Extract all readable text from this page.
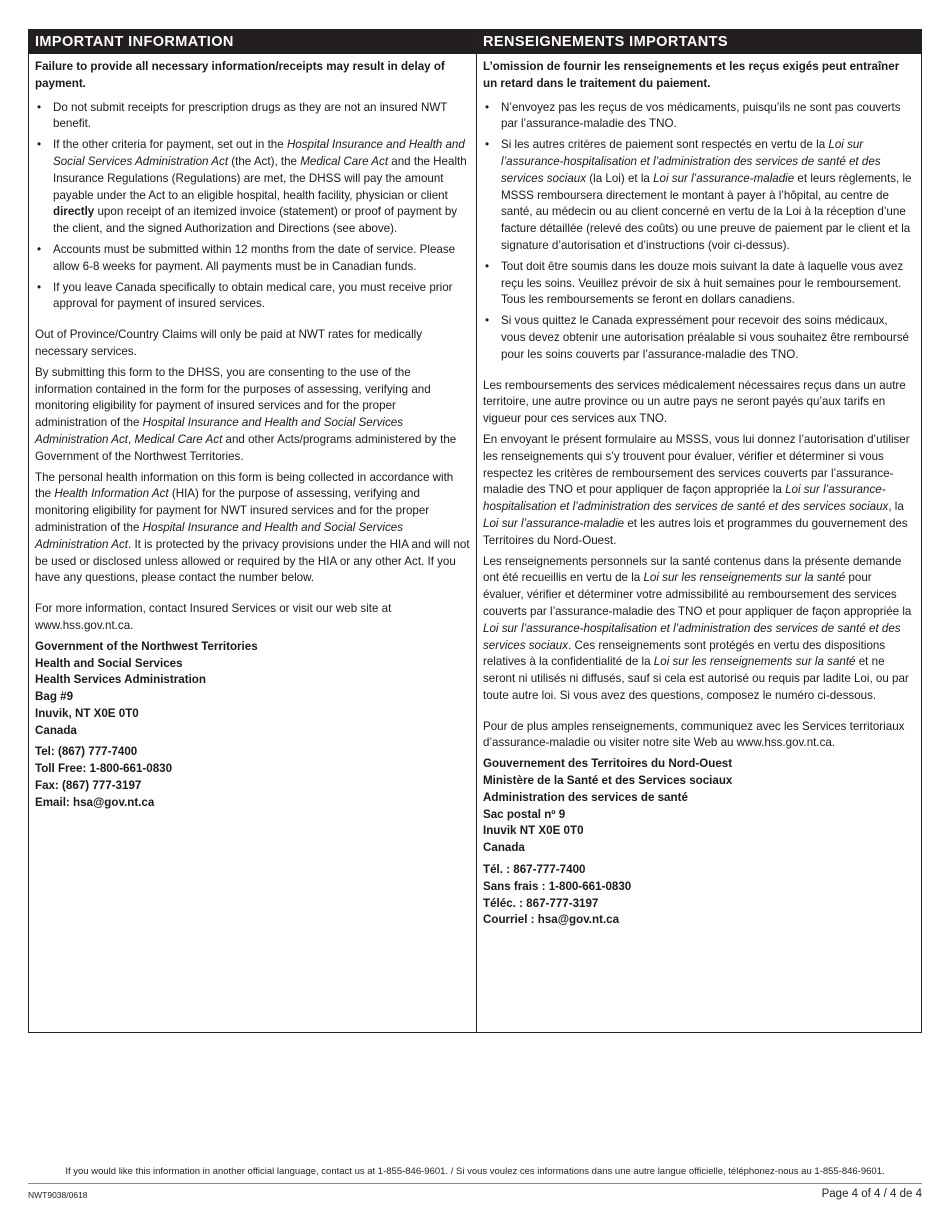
IMPORTANT INFORMATION

Failure to provide all necessary information/receipts may result in delay of payment.

• Do not submit receipts for prescription drugs as they are not an insured NWT benefit.
• If the other criteria for payment, set out in the Hospital Insurance and Health and Social Services Administration Act (the Act), the Medical Care Act and the Health Insurance Regulations (Regulations) are met, the DHSS will pay the amount payable under the Act to an eligible hospital, health facility, physician or client directly upon receipt of an itemized invoice (statement) or proof of payment by the client, and the signed Authorization and Directions (see above).
• Accounts must be submitted within 12 months from the date of service. Please allow 6-8 weeks for payment. All payments must be in Canadian funds.
• If you leave Canada specifically to obtain medical care, you must receive prior approval for payment of insured services.

Out of Province/Country Claims will only be paid at NWT rates for medically necessary services.

By submitting this form to the DHSS, you are consenting to the use of the information contained in the form for the purposes of assessing, verifying and monitoring eligibility for payment of insured services and for the proper administration of the Hospital Insurance and Health and Social Services Administration Act, Medical Care Act and other Acts/programs administered by the Government of the Northwest Territories.

The personal health information on this form is being collected in accordance with the Health Information Act (HIA) for the purpose of assessing, verifying and monitoring eligibility for payment for NWT insured services and for the proper administration of the Hospital Insurance and Health and Social Services Administration Act. It is protected by the privacy provisions under the HIA and will not be used or disclosed unless allowed or required by the HIA or any other Act. If you have any questions, please contact the number below.

For more information, contact Insured Services or visit our web site at www.hss.gov.nt.ca.

Government of the Northwest Territories
Health and Social Services
Health Services Administration
Bag #9
Inuvik, NT X0E 0T0
Canada
Tel: (867) 777-7400
Toll Free: 1-800-661-0830
Fax: (867) 777-3197
Email: hsa@gov.nt.ca
RENSEIGNEMENTS IMPORTANTS

L’omission de fournir les renseignements et les reçus exigés peut entraîner un retard dans le traitement du paiement.

• N’envoyez pas les reçus de vos médicaments, puisqu’ils ne sont pas couverts par l’assurance-maladie des TNO.
• Si les autres critères de paiement sont respectés en vertu de la Loi sur l’assurance-hospitalisation et l’administration des services de santé et des services sociaux (la Loi) et la Loi sur l’assurance-maladie et leurs règlements, le MSSS remboursera directement le montant à payer à l’hôpital, au centre de santé, au médecin ou au client concerné en vertu de la Loi à la réception d’une facture détaillée (relevé des coûts) ou une preuve de paiement par le client et la signature d’autorisation et d’instructions (voir ci-dessus).
• Tout doit être soumis dans les douze mois suivant la date à laquelle vous avez reçu les soins. Veuillez prévoir de six à huit semaines pour le remboursement. Tous les remboursements se feront en dollars canadiens.
• Si vous quittez le Canada expressément pour recevoir des soins médicaux, vous devez obtenir une autorisation préalable si vous souhaitez être remboursé pour les soins couverts par l’assurance-maladie des TNO.

Les remboursements des services médicalement nécessaires reçus dans un autre territoire, une autre province ou un autre pays ne seront payés qu’aux tarifs en vigueur pour ces services aux TNO.

En envoyant le présent formulaire au MSSS, vous lui donnez l’autorisation d’utiliser les renseignements qui s’y trouvent pour évaluer, vérifier et déterminer si vous respectez les critères de remboursement des services couverts par l’assurance-maladie des TNO et pour appliquer de façon appropriée la Loi sur l’assurance-hospitalisation et l’administration des services de santé et des services sociaux, la Loi sur l’assurance-maladie et les autres lois et programmes du gouvernement des Territoires du Nord-Ouest.

Les renseignements personnels sur la santé contenus dans la présente demande ont été recueillis en vertu de la Loi sur les renseignements sur la santé pour évaluer, vérifier et déterminer votre admissibilité au remboursement des services couverts par l’assurance-maladie des TNO et pour appliquer de façon appropriée la Loi sur l’assurance-hospitalisation et l’administration des services de santé et des services sociaux. Ces renseignements sont protégés en vertu des dispositions relatives à la confidentialité de la Loi sur les renseignements sur la santé et ne seront ni utilisés ni diffusés, sauf si cela est autorisé ou requis par ladite Loi, ou par toute autre loi. Si vous avez des questions, composez le numéro ci-dessous.

Pour de plus amples renseignements, communiquez avec les Services territoriaux d’assurance-maladie ou visiter notre site Web au www.hss.gov.nt.ca.

Gouvernement des Territoires du Nord-Ouest
Ministère de la Santé et des Services sociaux
Administration des services de santé
Sac postal nº 9
Inuvik NT X0E 0T0
Canada
Tél. : 867-777-7400
Sans frais : 1-800-661-0830
Téléc. : 867-777-3197
Courriel : hsa@gov.nt.ca
If you would like this information in another official language, contact us at 1-855-846-9601. / Si vous voulez ces informations dans une autre langue officielle, téléphonez-nous au 1-855-846-9601.
NWT9038/0618	Page 4 of 4 / 4 de 4
